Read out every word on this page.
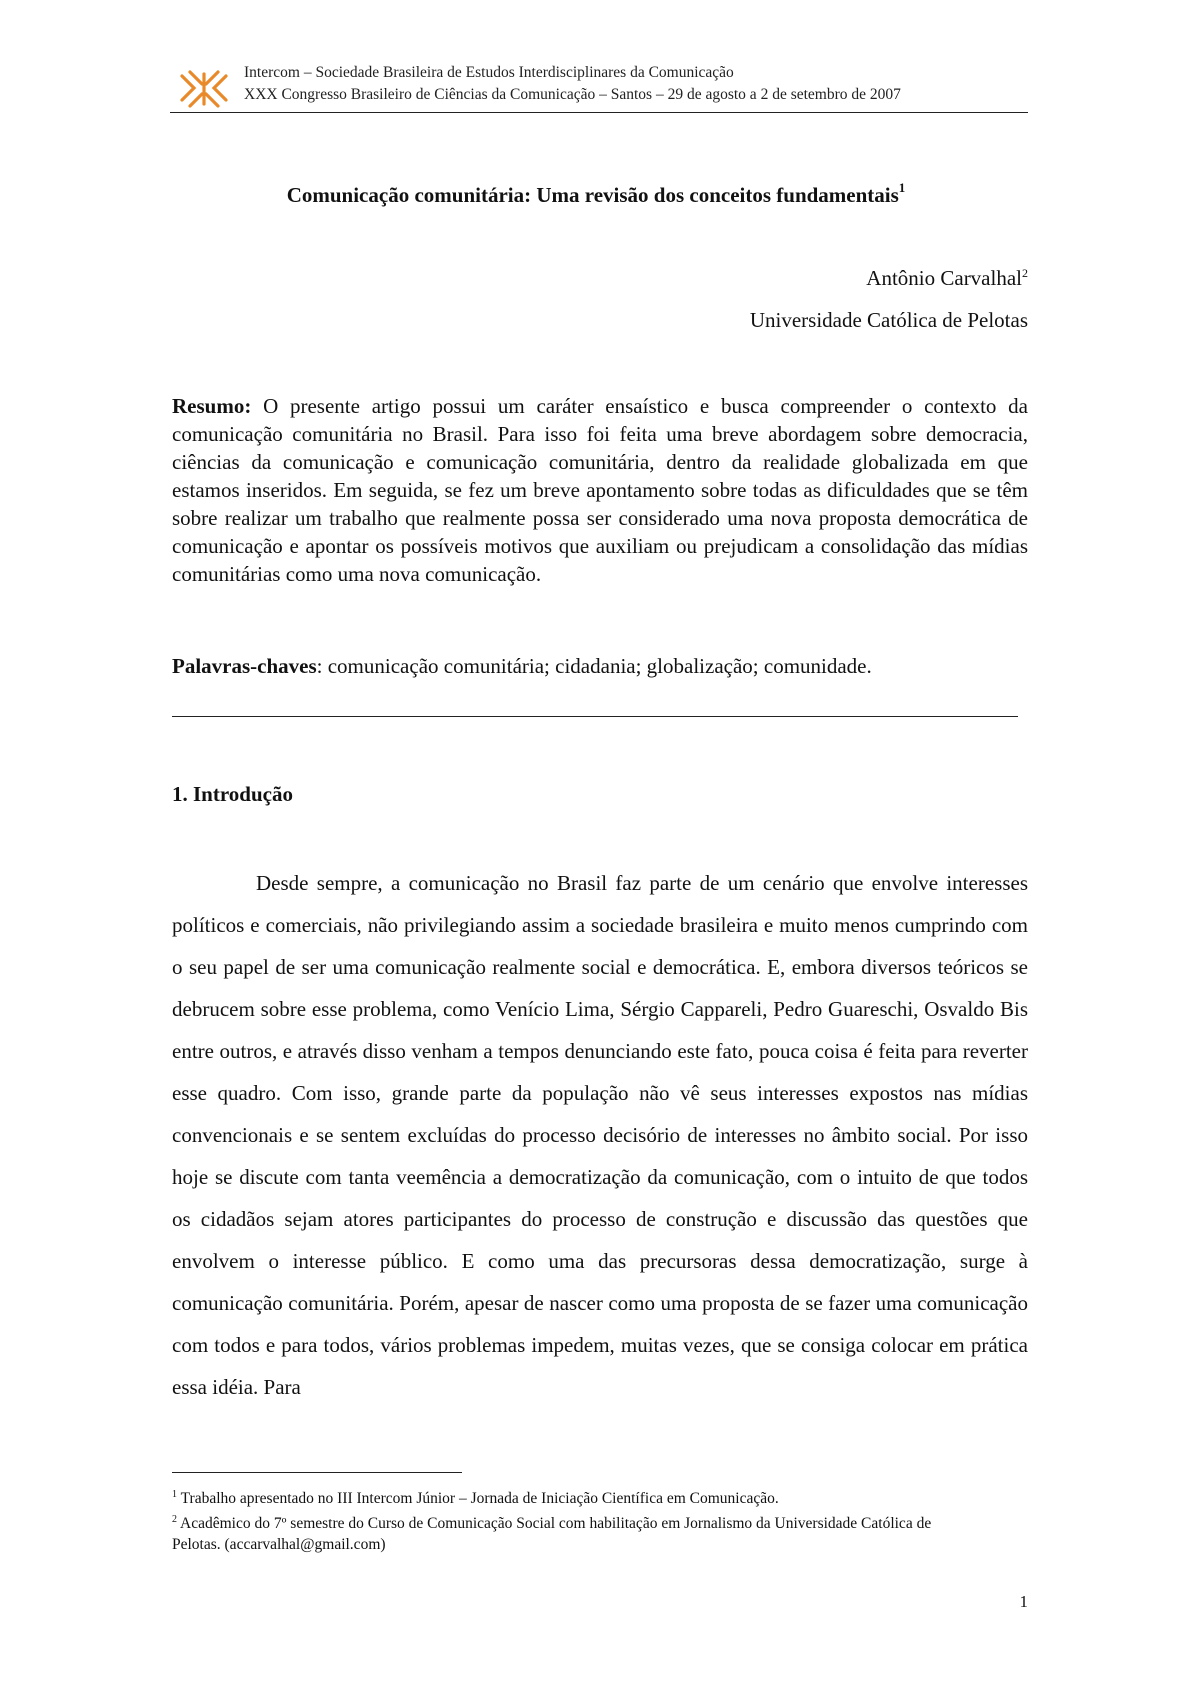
Intercom – Sociedade Brasileira de Estudos Interdisciplinares da Comunicação
XXX Congresso Brasileiro de Ciências da Comunicação – Santos – 29 de agosto a 2 de setembro de 2007
Comunicação comunitária: Uma revisão dos conceitos fundamentais$^1$
Antônio Carvalhal$^2$
Universidade Católica de Pelotas
Resumo: O presente artigo possui um caráter ensaístico e busca compreender o contexto da comunicação comunitária no Brasil. Para isso foi feita uma breve abordagem sobre democracia, ciências da comunicação e comunicação comunitária, dentro da realidade globalizada em que estamos inseridos. Em seguida, se fez um breve apontamento sobre todas as dificuldades que se têm sobre realizar um trabalho que realmente possa ser considerado uma nova proposta democrática de comunicação e apontar os possíveis motivos que auxiliam ou prejudicam a consolidação das mídias comunitárias como uma nova comunicação.
Palavras-chaves: comunicação comunitária; cidadania; globalização; comunidade.
1. Introdução
Desde sempre, a comunicação no Brasil faz parte de um cenário que envolve interesses políticos e comerciais, não privilegiando assim a sociedade brasileira e muito menos cumprindo com o seu papel de ser uma comunicação realmente social e democrática. E, embora diversos teóricos se debrucem sobre esse problema, como Venício Lima, Sérgio Cappareli, Pedro Guareschi, Osvaldo Bis entre outros, e através disso venham a tempos denunciando este fato, pouca coisa é feita para reverter esse quadro. Com isso, grande parte da população não vê seus interesses expostos nas mídias convencionais e se sentem excluídas do processo decisório de interesses no âmbito social. Por isso hoje se discute com tanta veemência a democratização da comunicação, com o intuito de que todos os cidadãos sejam atores participantes do processo de construção e discussão das questões que envolvem o interesse público. E como uma das precursoras dessa democratização, surge à comunicação comunitária. Porém, apesar de nascer como uma proposta de se fazer uma comunicação com todos e para todos, vários problemas impedem, muitas vezes, que se consiga colocar em prática essa idéia. Para
$^1$ Trabalho apresentado no III Intercom Júnior – Jornada de Iniciação Científica em Comunicação.
$^2$ Acadêmico do 7º semestre do Curso de Comunicação Social com habilitação em Jornalismo da Universidade Católica de Pelotas. (accarvalhal@gmail.com)
1
